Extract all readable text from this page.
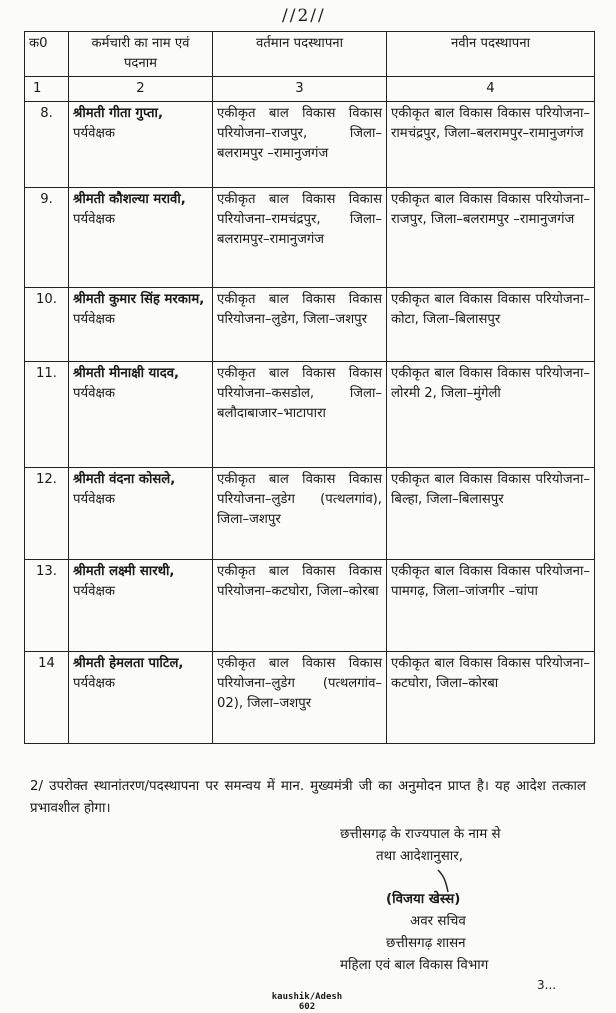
//2//
क0	कर्मचारी का नाम एवं पदनाम	वर्तमान पदस्थापना	नवीन पदस्थापना
1	2	3	4
8.	श्रीमती गीता गुप्ता, पर्यवेक्षक	एकीकृत बाल विकास विकास परियोजना–राजपुर, जिला–बलरामपुर –रामानुजगंज	एकीकृत बाल विकास विकास परियोजना–रामचंद्रपुर, जिला–बलरामपुर–रामानुजगंज
9.	श्रीमती कौशल्या मरावी, पर्यवेक्षक	एकीकृत बाल विकास विकास परियोजना–रामचंद्रपुर, जिला–बलरामपुर–रामानुजगंज	एकीकृत बाल विकास विकास परियोजना–राजपुर, जिला–बलरामपुर –रामानुजगंज
10.	श्रीमती कुमार सिंह मरकाम, पर्यवेक्षक	एकीकृत बाल विकास विकास परियोजना–लुडेग, जिला–जशपुर	एकीकृत बाल विकास विकास परियोजना–कोटा, जिला–बिलासपुर
11.	श्रीमती मीनाक्षी यादव, पर्यवेक्षक	एकीकृत बाल विकास विकास परियोजना–कसडोल, जिला–बलौदाबाजार–भाटापारा	एकीकृत बाल विकास विकास परियोजना–लोरमी 2, जिला–मुंगेली
12.	श्रीमती वंदना कोसले, पर्यवेक्षक	एकीकृत बाल विकास विकास परियोजना–लुडेग (पत्थलगांव), जिला–जशपुर	एकीकृत बाल विकास विकास परियोजना–बिल्हा, जिला–बिलासपुर
13.	श्रीमती लक्ष्मी सारथी, पर्यवेक्षक	एकीकृत बाल विकास विकास परियोजना–कटघोरा, जिला–कोरबा	एकीकृत बाल विकास विकास परियोजना–पामगढ़, जिला–जांजगीर –चांपा
14	श्रीमती हेमलता पाटिल, पर्यवेक्षक	एकीकृत बाल विकास विकास परियोजना–लुडेग (पत्थलगांव–02), जिला–जशपुर	एकीकृत बाल विकास विकास परियोजना–कटघोरा, जिला–कोरबा
2/ उपरोक्त स्थानांतरण/पदस्थापना पर समन्वय में मान. मुख्यमंत्री जी का अनुमोदन प्राप्त है। यह आदेश तत्काल प्रभावशील होगा।
छत्तीसगढ़ के राज्यपाल के नाम से
तथा आदेशानुसार,
(विजया खेस्स)
अवर सचिव
छत्तीसगढ़ शासन
महिला एवं बाल विकास विभाग
kaushik/Adesh
602
3...
